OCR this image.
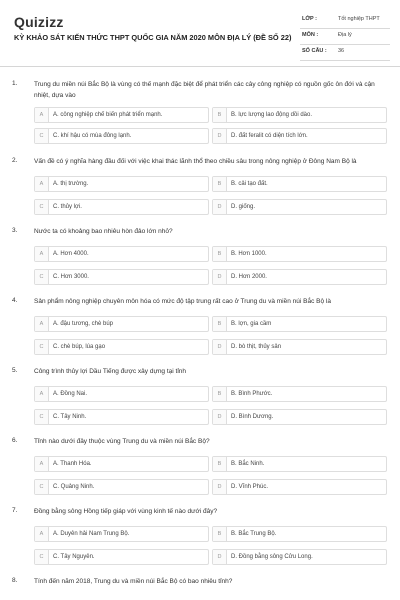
Quizizz
KỲ KHẢO SÁT KIẾN THỨC THPT QUỐC GIA NĂM 2020 MÔN ĐỊA LÝ (ĐỀ SỐ 22)
LỚP :	Tốt nghiệp THPT
MÔN :	Địa lý
SỐ CÂU : 36
1.	Trung du miền núi Bắc Bộ là vùng có thế mạnh đặc biệt để phát triển các cây công nghiệp có nguồn gốc ôn đới và cận nhiệt, dựa vào
A	A. công nghiệp chế biến phát triển mạnh.	B	B. lực lượng lao động dồi dào.
C	C. khí hậu có mùa đông lạnh.	D	D. đất feralit có diện tích lớn.
2.	Vấn đề có ý nghĩa hàng đầu đối với việc khai thác lãnh thổ theo chiều sâu trong nông nghiệp ở Đông Nam Bộ là
A	A. thị trường.	B	B. cải tạo đất.
C	C. thủy lợi.	D	D. giống.
3.	Nước ta có khoảng bao nhiêu hòn đảo lớn nhỏ?
A	A. Hơn 4000.	B	B. Hơn 1000.
C	C. Hơn 3000.	D	D. Hơn 2000.
4.	Sản phẩm nông nghiệp chuyên môn hóa có mức độ tập trung rất cao ở Trung du và miền núi Bắc Bộ là
A	A. đậu tương, chè búp	B	B. lợn, gia cầm
C	C. chè búp, lúa gạo	D	D. bò thịt, thủy sản
5.	Công trình thủy lợi Dầu Tiếng được xây dựng tại tỉnh
A	A. Đồng Nai.	B	B. Bình Phước.
C	C. Tây Ninh.	D	D. Bình Dương.
6.	Tỉnh nào dưới đây thuộc vùng Trung du và miền núi Bắc Bộ?
A	A. Thanh Hóa.	B	B. Bắc Ninh.
C	C. Quảng Ninh.	D	D. Vĩnh Phúc.
7.	Đồng bằng sông Hồng tiếp giáp với vùng kinh tế nào dưới đây?
A	A. Duyên hải Nam Trung Bộ.	B	B. Bắc Trung Bộ.
C	C. Tây Nguyên.	D	D. Đồng bằng sông Cửu Long.
8.	Tính đến năm 2018, Trung du và miền núi Bắc Bộ có bao nhiêu tỉnh?
